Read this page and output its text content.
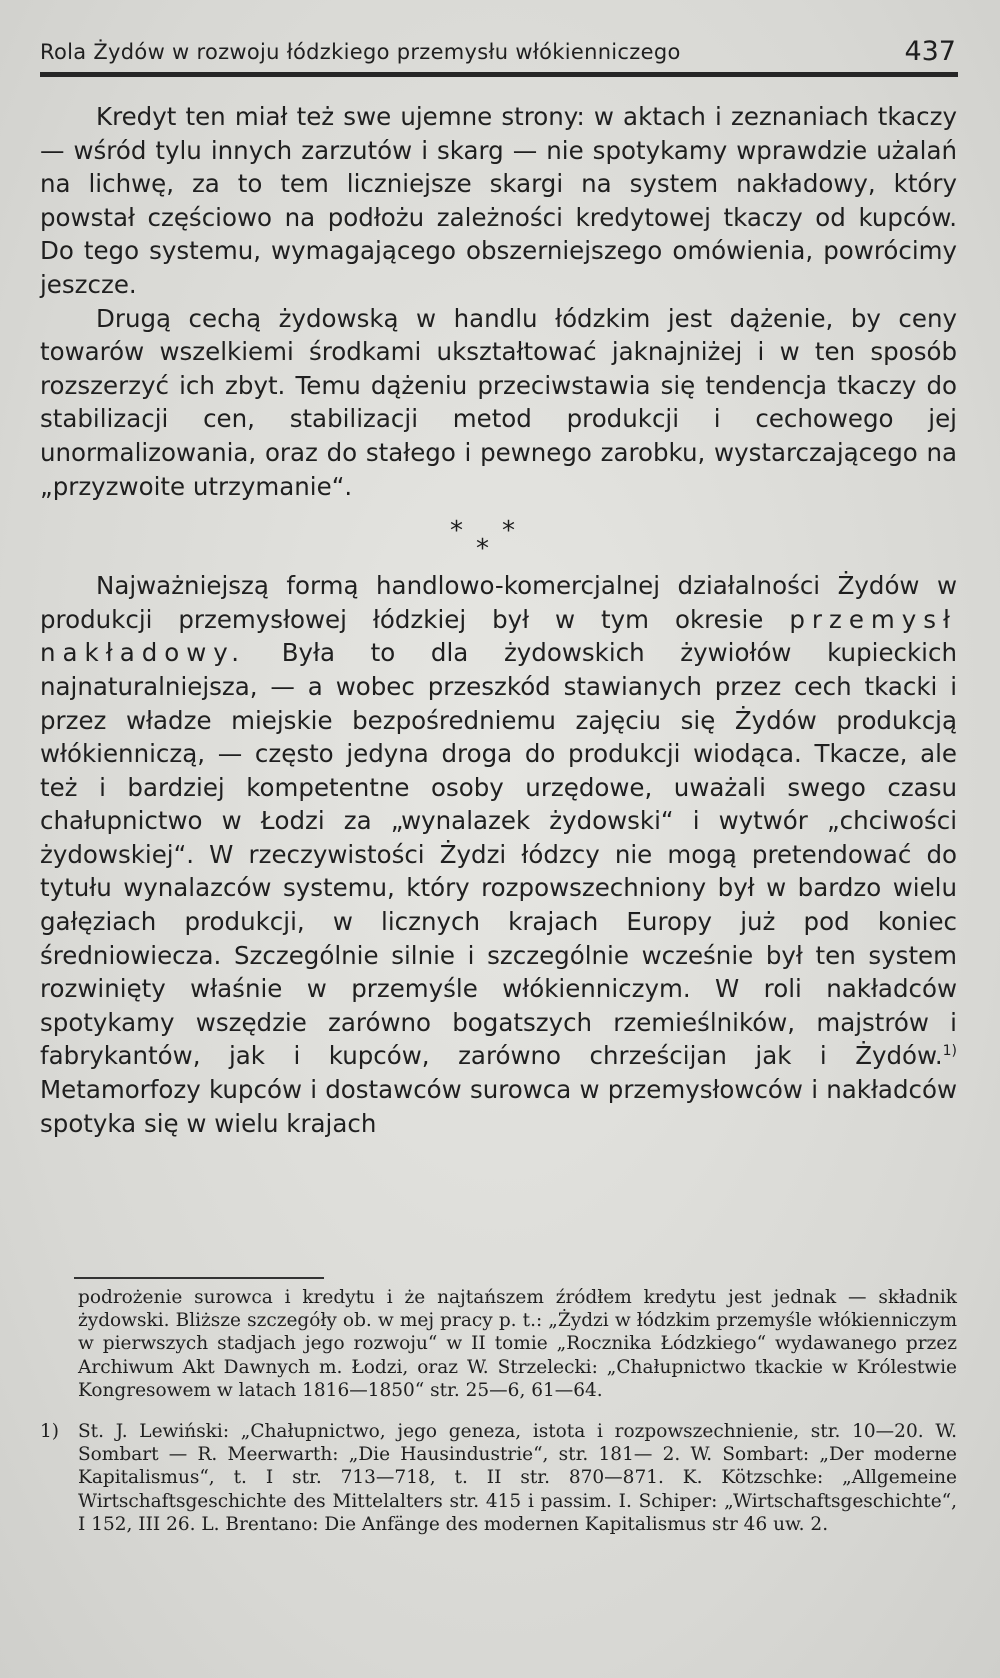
Rola Żydów w rozwoju łódzkiego przemysłu włókienniczego	437

Kredyt ten miał też swe ujemne strony: w aktach i zeznaniach tkaczy — wśród tylu innych zarzutów i skarg — nie spotykamy wprawdzie użalań na lichwę, za to tem liczniejsze skargi na system nakładowy, który powstał częściowo na podłożu zależności kredytowej tkaczy od kupców. Do tego systemu, wymagającego obszerniejszego omówienia, powrócimy jeszcze.

Drugą cechą żydowską w handlu łódzkim jest dążenie, by ceny towarów wszelkiemi środkami ukształtować jaknajniżej i w ten sposób rozszerzyć ich zbyt. Temu dążeniu przeciwstawia się tendencja tkaczy do stabilizacji cen, stabilizacji metod produkcji i cechowego jej unormalizowania, oraz do stałego i pewnego zarobku, wystarczającego na „przyzwoite utrzymanie“.

* *
*

Najważniejszą formą handlowo-komercjalnej działalności Żydów w produkcji przemysłowej łódzkiej był w tym okresie przemysł nakładowy. Była to dla żydowskich żywiołów kupieckich najnaturalniejsza, — a wobec przeszkód stawianych przez cech tkacki i przez władze miejskie bezpośredniemu zajęciu się Żydów produkcją włókienniczą, — często jedyna droga do produkcji wiodąca. Tkacze, ale też i bardziej kompetentne osoby urzędowe, uważali swego czasu chałupnictwo w Łodzi za „wynalazek żydowski“ i wytwór „chciwości żydowskiej“. W rzeczywistości Żydzi łódzcy nie mogą pretendować do tytułu wynalazców systemu, który rozpowszechniony był w bardzo wielu gałęziach produkcji, w licznych krajach Europy już pod koniec średniowiecza. Szczególnie silnie i szczególnie wcześnie był ten system rozwinięty właśnie w przemyśle włókienniczym. W roli nakładców spotykamy wszędzie zarówno bogatszych rzemieślników, majstrów i fabrykantów, jak i kupców, zarówno chrześcijan jak i Żydów.$^{1)}$ Metamorfozy kupców i dostawców surowca w przemysłowców i nakładców spotyka się w wielu krajach

podrożenie surowca i kredytu i że najtańszem źródłem kredytu jest jednak — składnik żydowski. Bliższe szczegóły ob. w mej pracy p. t.: „Żydzi w łódzkim przemyśle włókienniczym w pierwszych stadjach jego rozwoju“ w II tomie „Rocznika Łódzkiego“ wydawanego przez Archiwum Akt Dawnych m. Łodzi, oraz W. Strzelecki: „Chałupnictwo tkackie w Królestwie Kongresowem w latach 1816—1850“ str. 25—6, 61—64.
1) St. J. Lewiński: „Chałupnictwo, jego geneza, istota i rozpowszechnienie, str. 10—20. W. Sombart — R. Meerwarth: „Die Hausindustrie“, str. 181— 2. W. Sombart: „Der moderne Kapitalismus“, t. I str. 713—718, t. II str. 870—871. K. Kötzschke: „Allgemeine Wirtschaftsgeschichte des Mittelalters str. 415 i passim. I. Schiper: „Wirtschaftsgeschichte“, I 152, III 26. L. Brentano: Die Anfänge des modernen Kapitalismus str 46 uw. 2.
